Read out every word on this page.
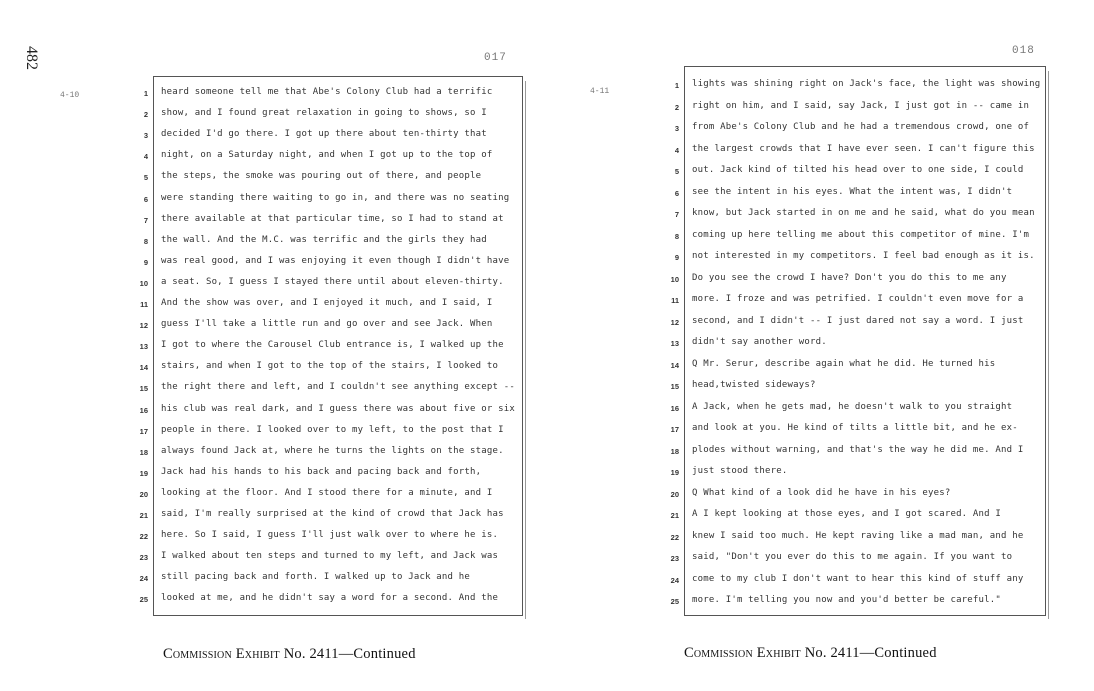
482
4-10
017
1 heard someone tell me that Abe's Colony Club had a terrific
2 show, and I found great relaxation in going to shows, so I
3 decided I'd go there. I got up there about ten-thirty that
4 night, on a Saturday night, and when I got up to the top of
5 the steps, the smoke was pouring out of there, and people
6 were standing there waiting to go in, and there was no seating
7 there available at that particular time, so I had to stand at
8 the wall. And the M.C. was terrific and the girls they had
9 was real good, and I was enjoying it even though I didn't have
10 a seat. So, I guess I stayed there until about eleven-thirty.
11 And the show was over, and I enjoyed it much, and I said, I
12 guess I'll take a little run and go over and see Jack. When
13 I got to where the Carousel Club entrance is, I walked up the
14 stairs, and when I got to the top of the stairs, I looked to
15 the right there and left, and I couldn't see anything except --
16 his club was real dark, and I guess there was about five or six
17 people in there. I looked over to my left, to the post that I
18 always found Jack at, where he turns the lights on the stage.
19 Jack had his hands to his back and pacing back and forth,
20 looking at the floor. And I stood there for a minute, and I
21 said, I'm really surprised at the kind of crowd that Jack has
22 here. So I said, I guess I'll just walk over to where he is.
23 I walked about ten steps and turned to my left, and Jack was
24 still pacing back and forth. I walked up to Jack and he
25 looked at me, and he didn't say a word for a second. And the
Commission Exhibit No. 2411—Continued
4-11
018
1 lights was shining right on Jack's face, the light was showing
2 right on him, and I said, say Jack, I just got in -- came in
3 from Abe's Colony Club and he had a tremendous crowd, one of
4 the largest crowds that I have ever seen. I can't figure this
5 out. Jack kind of tilted his head over to one side, I could
6 see the intent in his eyes. What the intent was, I didn't
7 know, but Jack started in on me and he said, what do you mean
8 coming up here telling me about this competitor of mine. I'm
9 not interested in my competitors. I feel bad enough as it is.
10 Do you see the crowd I have? Don't you do this to me any
11 more. I froze and was petrified. I couldn't even move for a
12 second, and I didn't -- I just dared not say a word. I just
13 didn't say another word.
14 Q Mr. Serur, describe again what he did. He turned his
15 head,twisted sideways?
16 A Jack, when he gets mad, he doesn't walk to you straight
17 and look at you. He kind of tilts a little bit, and he ex-
18 plodes without warning, and that's the way he did me. And I
19 just stood there.
20 Q What kind of a look did he have in his eyes?
21 A I kept looking at those eyes, and I got scared. And I
22 knew I said too much. He kept raving like a mad man, and he
23 said, "Don't you ever do this to me again. If you want to
24 come to my club I don't want to hear this kind of stuff any
25 more. I'm telling you now and you'd better be careful."
Commission Exhibit No. 2411—Continued
